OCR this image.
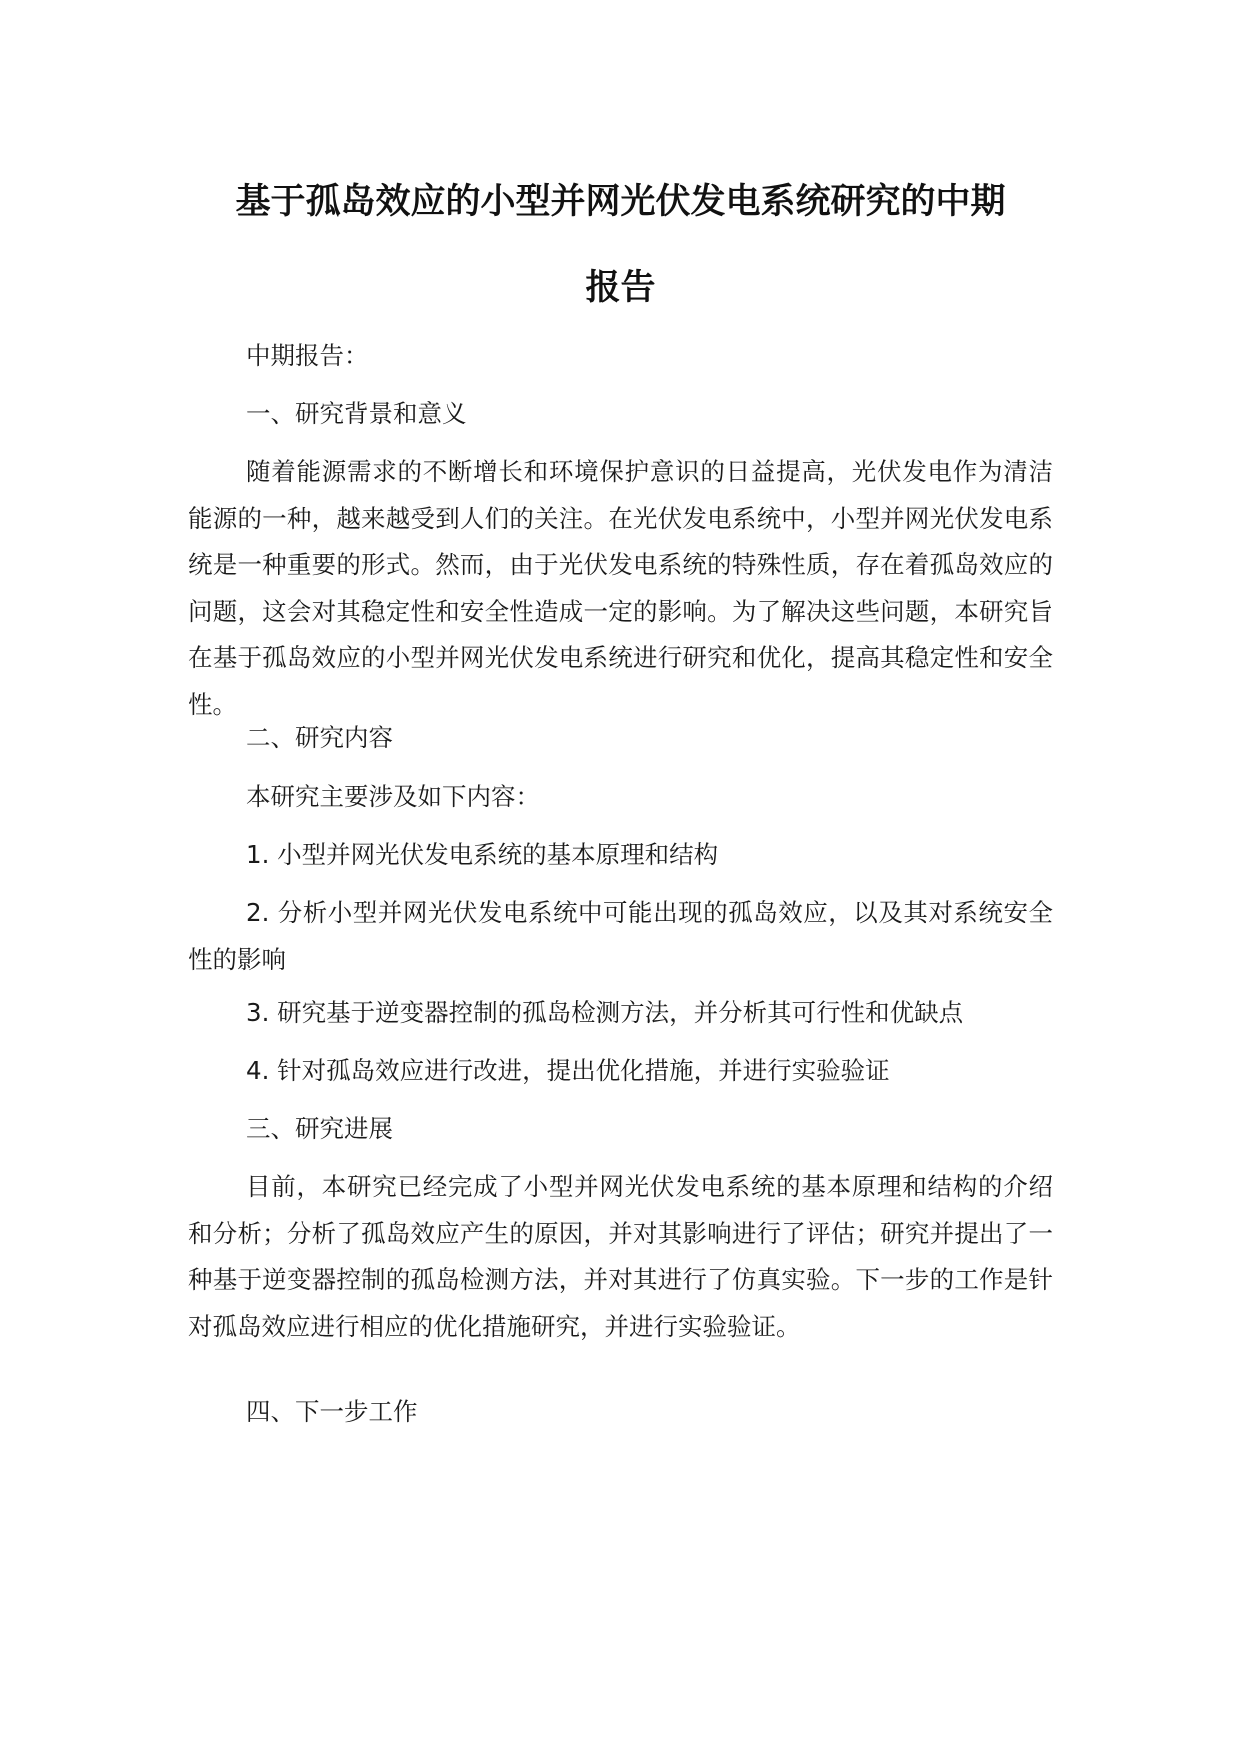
基于孤岛效应的小型并网光伏发电系统研究的中期
报告

中期报告：

一、研究背景和意义

随着能源需求的不断增长和环境保护意识的日益提高，光伏发电作为清洁能源的一种，越来越受到人们的关注。在光伏发电系统中，小型并网光伏发电系统是一种重要的形式。然而，由于光伏发电系统的特殊性质，存在着孤岛效应的问题，这会对其稳定性和安全性造成一定的影响。为了解决这些问题，本研究旨在基于孤岛效应的小型并网光伏发电系统进行研究和优化，提高其稳定性和安全性。

二、研究内容

本研究主要涉及如下内容：

1. 小型并网光伏发电系统的基本原理和结构

2. 分析小型并网光伏发电系统中可能出现的孤岛效应，以及其对系统安全性的影响

3. 研究基于逆变器控制的孤岛检测方法，并分析其可行性和优缺点

4. 针对孤岛效应进行改进，提出优化措施，并进行实验验证

三、研究进展

目前，本研究已经完成了小型并网光伏发电系统的基本原理和结构的介绍和分析；分析了孤岛效应产生的原因，并对其影响进行了评估；研究并提出了一种基于逆变器控制的孤岛检测方法，并对其进行了仿真实验。下一步的工作是针对孤岛效应进行相应的优化措施研究，并进行实验验证。

四、下一步工作
